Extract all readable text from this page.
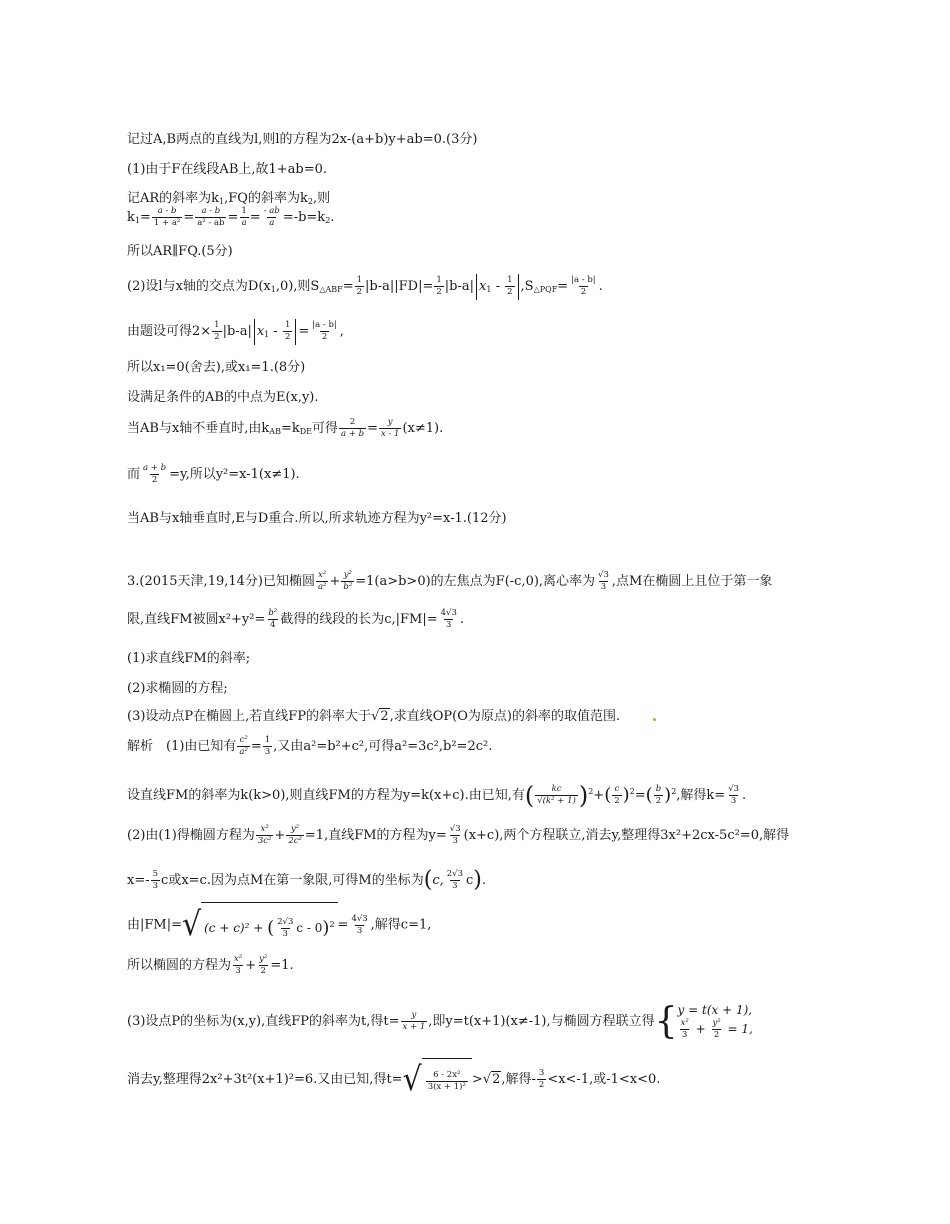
记过A,B两点的直线为l,则l的方程为2x-(a+b)y+ab=0.(3分)
(1)由于F在线段AB上,故1+ab=0.
记AR的斜率为$k_1,FQ$的斜率为$k_2$,则
$k_1= \frac{a - b}{\text{1 + a²}} = \frac{a - b}{\text{a² - ab}} = \frac{1}{a} = \frac{- ab}{a} =-b=k_2$.
所以AR∥FQ.(5分)
(2)设l与x轴的交点为$D(x_1,0)$,则$S_{\triangle ABF}= \frac{1}{2} |b-a||FD|= \frac{1}{2} |b-a|$ $x_1 - \frac{1}{2} ,S_{\triangle PQF}= \frac{|a - b|}{2}$ .
由题设可得$2\times \frac{1}{2} |b-a|$ $x_1 - \frac{1}{2} = \frac{|a - b|}{2}$ ,
所以x₁=0(舍去),或x₁=1.(8分)
设满足条件的AB的中点为E(x,y).
当AB与x轴不垂直时,由$k_{AB}=k_{DE}$可得 $\frac{2}{a + b} = \frac{y}{x - 1} (x\ne 1)$.
而 $\frac{a + b}{2} =y$,所以y²=x-1(x≠1).
当AB与x轴垂直时,E与D重合.所以,所求轨迹方程为y²=x-1.(12分)
3.(2015天津,19,14分)已知椭圆 $\frac{\text{x²}}{\text{a²}} + \frac{\text{y²}}{\text{b²}} =1(a>b>0)$的左焦点为F(-c,0),离心率为 $\frac{√3}{3}$ ,点M在椭圆上且位于第一象
限,直线FM被圆$x^2+y^2= \frac{\text{b²}}{4}$ 截得的线段的长为$c,|FM|= \frac{4√3}{3}$ .
(1)求直线FM的斜率;
(2)求椭圆的方程;
(3)设动点P在椭圆上,若直线FP的斜率大于√2,求直线OP(O为原点)的斜率的取值范围.
解析　(1)由已知有 $\frac{\text{c²}}{\text{a²}} = \frac{1}{3}$ ,又由a²=b²+c²,可得a²=3c²,b²=2c².
设直线FM的斜率为k(k>0),则直线FM的方程为y=k(x+c).由已知,有( $\frac{kc}{\text{√(k² + 1)}} )^2+( \frac{c}{2} )^2=( \frac{b}{2} )^2$,解得$k= \frac{√3}{3}$ .
(2)由(1)得椭圆方程为 $\frac{\text{x²}}{\text{3c²}} + \frac{\text{y²}}{\text{2c²}} =1$,直线FM的方程为$y= \frac{√3}{3} (x+c)$,两个方程联立,消去y,整理得3x²+2cx-5c²=0,解得
$x=- \frac{5}{3}$ c或x=c.因为点M在第一象限,可得M的坐标为(c, $\frac{2√3}{3} c$).
由|FM|= √ (c + c)² + ( $\frac{2√3}{3}$ $c - 0)^2 = \frac{4√3}{3}$ ,解得c=1,
所以椭圆的方程为 $\frac{\text{x²}}{3} + \frac{\text{y²}}{2} =1$.
(3)设点P的坐标为(x,y),直线FP的斜率为t,得$t= \frac{y}{x + 1}$ ,即y=t(x+1)(x≠-1),与椭圆方程联立得 { y = t(x + 1),
$\frac{\text{x²}}{3} + \frac{\text{y²}}{2} = 1$,
消去y,整理得2x²+3t²(x+1)²=6.又由已知,得t= √ $\frac{\text{6 - 2x²}}{\text{3(x + 1)²}} >√2$,解得- $\frac{3}{2} <x<-1$,或-1<x<0.
